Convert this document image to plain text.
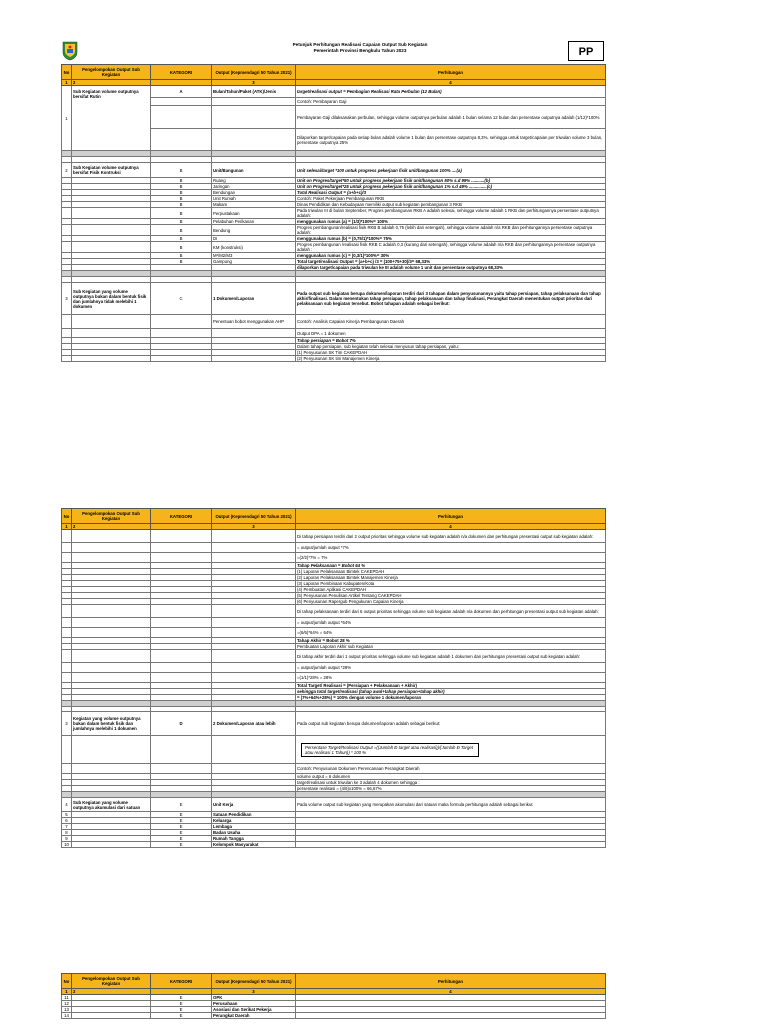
Petunjuk Perhitungan Realisasi Capaian Output Sub Kegiatan
Pemerintah Provinsi Bengkulu Tahun 2023	PP
No	Pengelompokan Output Sub Kegiatan	KATEGORI	Output (Kepmendagri 50 Tahun 2021)	Perhitungan
1	2		3	4
1	Sub Kegiatan volume outputnya bersifat Rutin	A	Bulan/Tahun/Paket (ATK)/Jenis	target/realisasi output = Pembagian Realisasi Rata Perbulan (12 Bulan)
				Contoh: Pembayaran Gaji
				Pembayaran Gaji dilaksanakan perbulan, sehingga volume outputnya perbulan adalah 1 bulan selama 12 bulan dan persentase outputnya adalah (1/12)*100%
				Dilaporkan target/capaian pada setiap bulan adalah volume 1 bulan dan persentase outputnya 8,3%, sehingga untuk target/capaian per triwulan volume 3 bulan, persentase outputnya 25%

2	Sub Kegiatan volume outputnya bersifat Fisik Kontruksi	B	Unit/Bangunan	Unit selesai/target *100 untuk progress pekerjaan fisik unit/bangunan 100% ....(a)
		B	Ruang	Unit on Progres/target*50 untuk progress pekerjaan fisik unit/bangunan 50% s.d 99% ...........(b)
		B	Jaringan	Unit on Progres/target*25 untuk progress pekerjaan fisik unit/bangunan 1% s.d 49% ...............(c)
		B	Bendungan	Total Realisasi Output = (a+b+c)/3
		B	Unit Rumah	Contoh: Paket Pekerjaan Pembangunan RKB
		B	Makam	Dinas Pendidikan dan Kebudayaan memiliki output sub kegiatan pembangunan 3 RKB
		B	Perpustakaan	Pada triwulan III di bulan September, Progres pembangunan RKB A adalah selesai, sehingga volume adalah 1 RKB dan perhitungannya persentase outputnya adalah:
		B	Pelabuhan Perikanan	menggunakan rumus (a) = (1/3)*100%= 100%
		B	Bendung	Progres pembangunan/realisasi fisik RKB B adalah 0,75 (lebih dari setengah), sehingga volume adalah n/a RKB dan perhitungannya persentase outputnya adalah:
		B	DI	menggunakan rumus (b) = (0,75/1)*100%= 75%
		B	KM (konstruksi)	Progres pembangunan /realisasi fisik RKB C adalah 0,3 (kurang dari setengah), sehingga volume adalah n/a RKB dan perhitungannya persentase outputnya adalah :
		B	M²/M2/M3	menggunakan rumus (c) = (0,3/1)*100%= 30%
		B	Gampong	Total target/realisasi Output = (a+b+c) /3 = (100+75+30)/3= 68,33%
				dilaporkan target/capaian pada triwulan ke III adalah volume 1 unit dan persentase outputnya 68,33%

3	Sub Kegiatan yang volume outputnya bukan dalam bentuk fisik dan jumlahnya tidak melebihi 1 dokumen	C	1 Dokumen/Laporan	Pada output sub kegiatan berupa dokumen/laporan terdiri dari 3 tahapan dalam penyusunannya yaitu tahap persiapan, tahap pelaksanaan dan tahap akhir/finalisasi. Dalam menentukan tahap persiapan, tahap pelaksanaan dan tahap finalisasi, Perangkat Daerah menentukan output prioritas dari pelaksanaan sub kegiatan tersebut. Bobot tahapan adalah sebagai berikut:
			Penentuan bobot menggunakan AHP	Contoh: Analisis Capaian Kinerja Pembangunan Daerah
				Output DPA = 1 dokumen
				Tahap persiapan = Bobot 7%
				Dalam tahap persiapan, sub kegiatan telah selesai menyusun tahap persiapan, yaitu:
				(1) Penyusunan SK Tim CAKEPDAH
				(2) Penyusunan SK tim Manajemen Kinerja
No	Pengelompokan Output Sub Kegiatan	KATEGORI	Output (Kepmendagri 50 Tahun 2021)	Perhitungan
1	2		3	4
				Di tahap persiapan terdiri dari 2 output prioritas sehingga volume sub kegiatan adalah n/a dokumen dan perhitungan presentasi output sub kegiatan adalah:
				= output/jumlah output *7%
				=(2/2)*7% = 7%
				Tahap Pelaksanaan = Bobot 64 %
				(1) Laporan Pelaksanaan Bimtek CAKEPDAH
				(2) Laporan Pelaksanaan Bimtek Manajemen Kinerja
				(3) Laporan Pembinaan Kabupaten/Kota
				(4) Pembuatan Aplikasi CAKEPDAH
				(5) Penyusunan Penulisan Artikel Tentang CAKEPDAH
				(6) Penyusunan Rapergub Pengukuran Capaian Kinerja
				Di tahap pelaksanaan terdiri dari 6 output prioritas sehingga volume sub kegiatan adalah n/a dokumen dan perhitungan presentasi output sub kegiatan adalah:
				= output/jumlah output *64%
				=(6/6)*64% = 64%
				Tahap Akhir = Bobot 28 %
				Pembuatan Laporan Akhir sub Kegiatan
				Di tahap akhir terdiri dari 1 output prioritas sehingga volume sub kegiatan adalah 1 dokumen dan perhitungan presentasi output sub kegiatan adalah:
				= output/jumlah output *28%
				=(1/1)*28% = 28%
				Total Target/ Realisasi = (Persiapan + Pelaksanaan + Akhir)
				sehingga total target/realisasi (tahap awal+tahap persiapan+tahap akhir)
				= (7%+64%+28%) = 100% dengan volume 1 dokumen/laporan

3	Kegiatan yang volume outputnya bukan dalam bentuk fisik dan jumlahnya melebihi 1 dokumen	D	2 Dokumen/Laporan atau lebih	Pada output sub kegiatan berupa dokumen/laporan adalah sebagai berikut:

				Persentase Target/Realisasi Output =((Jumlah Ð target atau realisasi))/(Jumlah Ð Target atau realisasi 1 Tahun)) * 100 %

				Contoh: Penyusunan Dokumen Perencanaan Perangkat Daerah
				volume output = 6 dokumen
				target/realisasi untuk triwulan ke 3 adalah 4 dokumen sehingga :
				persentase realisasi = (4/6)x100% = 66,67%

4	Sub Kegiatan yang volume outputnya akumulasi dari satuan	E	Unit Kerja	Pada volume output sub kegiatan yang merupakan akumulasi dari satuan maka formula perhitungan adalah sebagai berikut
5		E	Satuan Pendidikan	
6		E	Keluarga	
7		E	Lembaga	
8		E	Badan Usaha	
9		E	Rumah Tangga	
10		E	Kelompok Masyarakat	
No	Pengelompokan Output Sub Kegiatan	KATEGORI	Output (Kepmendagri 50 Tahun 2021)	Perhitungan
1	2		3	4
11		E	OPK	
12		E	Perusahaan	
13		E	Asosiasi dan Serikat Pekerja	
14		E	Perangkat Daerah	
